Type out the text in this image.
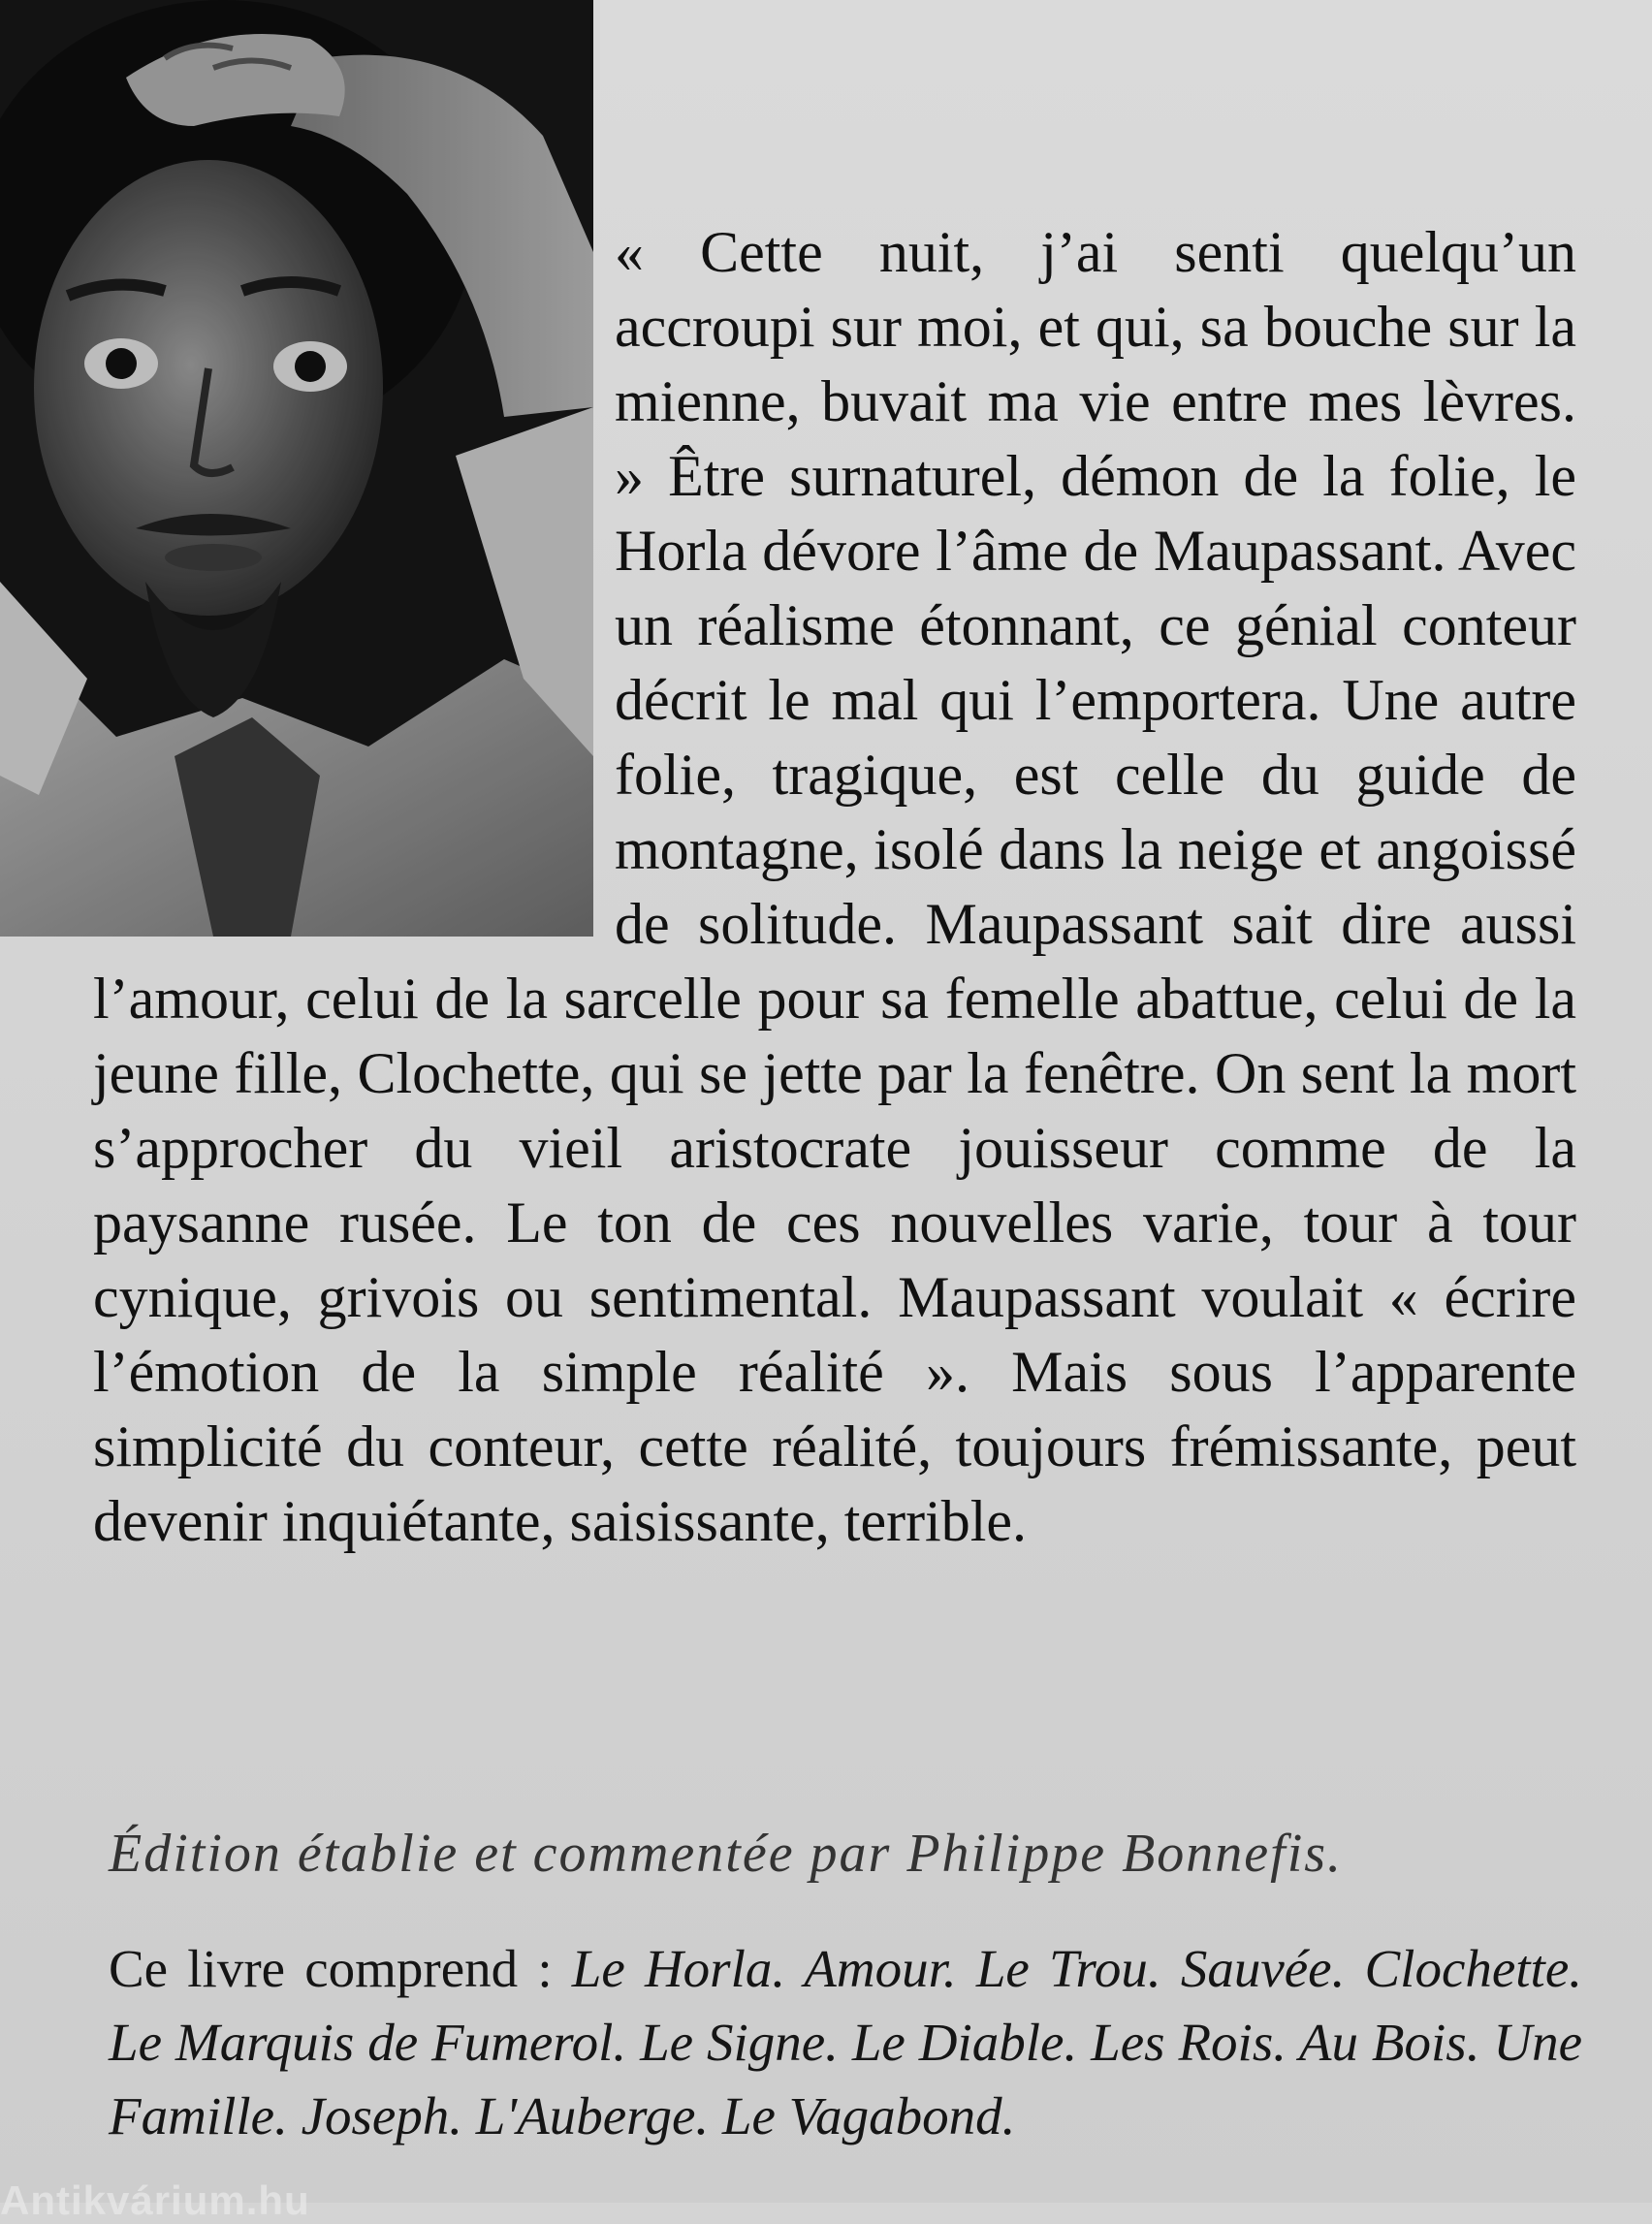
« Cette nuit, j’ai senti quelqu’un accroupi sur moi, et qui, sa bouche sur la mienne, buvait ma vie entre mes lèvres. » Être surnaturel, démon de la folie, le Horla dévore l’âme de Maupassant. Avec un réalisme étonnant, ce génial conteur décrit le mal qui l’emportera. Une autre folie, tragique, est celle du guide de montagne, isolé dans la neige et angoissé de solitude. Maupassant sait dire aussi l’amour, celui de la sarcelle pour sa femelle abattue, celui de la jeune fille, Clochette, qui se jette par la fenêtre. On sent la mort s’approcher du vieil aristocrate jouisseur comme de la paysanne rusée. Le ton de ces nouvelles varie, tour à tour cynique, grivois ou sentimental. Maupassant voulait « écrire l’émotion de la simple réalité ». Mais sous l’apparente simplicité du conteur, cette réalité, toujours frémissante, peut devenir inquiétante, saisissante, terrible.

Édition établie et commentée par Philippe Bonnefis.

Ce livre comprend : Le Horla. Amour. Le Trou. Sauvée. Clochette. Le Marquis de Fumerol. Le Signe. Le Diable. Les Rois. Au Bois. Une Famille. Joseph. L'Auberge. Le Vagabond.

Antikvárium.hu
